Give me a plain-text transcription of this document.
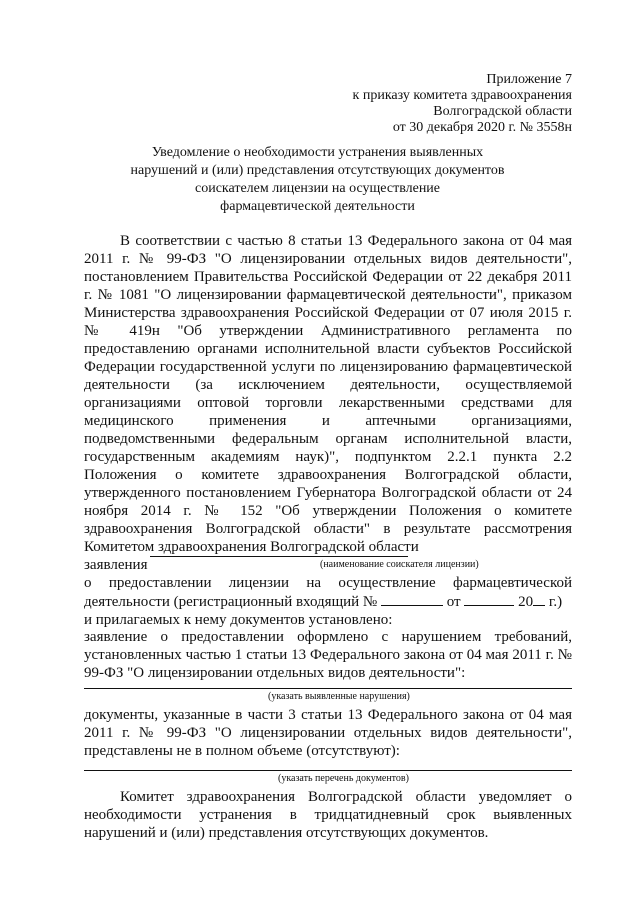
Приложение 7
к приказу комитета здравоохранения
Волгоградской области
от 30 декабря 2020 г. № 3558н
Уведомление о необходимости устранения выявленных
нарушений и (или) представления отсутствующих документов
соискателем лицензии на осуществление
фармацевтической деятельности
В соответствии с частью 8 статьи 13 Федерального закона от 04 мая 2011 г. № 99-ФЗ "О лицензировании отдельных видов деятельности", постановлением Правительства Российской Федерации от 22 декабря 2011 г. № 1081 "О лицензировании фармацевтической деятельности", приказом Министерства здравоохранения Российской Федерации от 07 июля 2015 г. № 419н "Об утверждении Административного регламента по предоставлению органами исполнительной власти субъектов Российской Федерации государственной услуги по лицензированию фармацевтической деятельности (за исключением деятельности, осуществляемой организациями оптовой торговли лекарственными средствами для медицинского применения и аптечными организациями, подведомственными федеральным органам исполнительной власти, государственным академиям наук)", подпунктом 2.2.1 пункта 2.2 Положения о комитете здравоохранения Волгоградской области, утвержденного постановлением Губернатора Волгоградской области от 24 ноября 2014 г. № 152 "Об утверждении Положения о комитете здравоохранения Волгоградской области" в результате рассмотрения Комитетом здравоохранения Волгоградской области
заявления	(наименование соискателя лицензии)
о предоставлении лицензии на осуществление фармацевтической деятельности (регистрационный входящий №	от	20 г.)
и прилагаемых к нему документов установлено:
заявление о предоставлении оформлено с нарушением требований, установленных частью 1 статьи 13 Федерального закона от 04 мая 2011 г. № 99-ФЗ "О лицензировании отдельных видов деятельности":
(указать выявленные нарушения)
документы, указанные в части 3 статьи 13 Федерального закона от 04 мая 2011 г. № 99-ФЗ "О лицензировании отдельных видов деятельности", представлены не в полном объеме (отсутствуют):
(указать перечень документов)
Комитет здравоохранения Волгоградской области уведомляет о необходимости устранения в тридцатидневный срок выявленных нарушений и (или) представления отсутствующих документов.
